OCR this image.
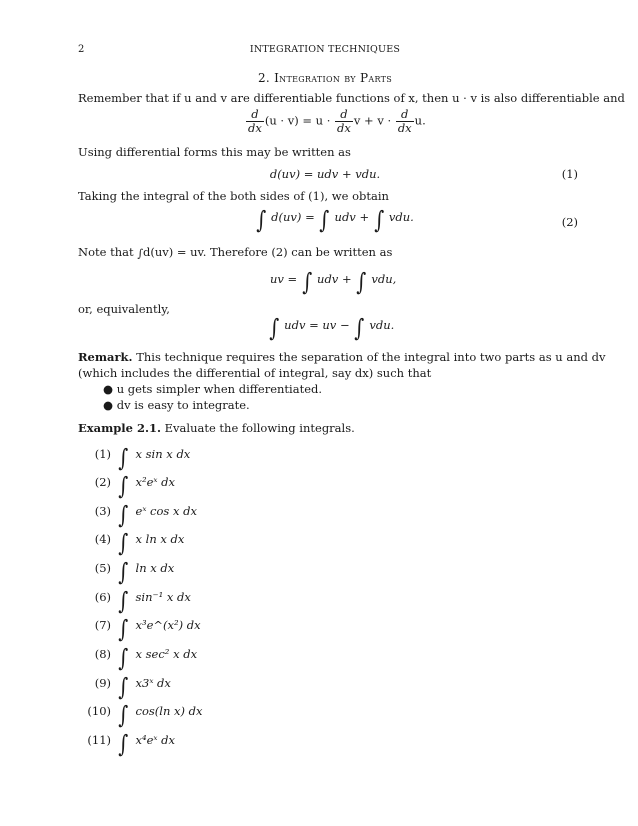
2	INTEGRATION TECHNIQUES
2. Integration by Parts
Remember that if u and v are differentiable functions of x, then u · v is also differentiable and
$\frac{d}{dx} (u \cdot v) = u \cdot \frac{d}{dx}$ $v + v \cdot \frac{d}{dx} u$.
Using differential forms this may be written as
d(uv) = udv + vdu.	(1)
Taking the integral of the both sides of (1), we obtain
∫ d(uv) = ∫ udv + ∫ vdu.	(2)
Note that ∫d(uv) = uv. Therefore (2) can be written as
uv = ∫ udv + ∫ vdu,
or, equivalently,
∫ udv = uv − ∫ vdu.
Remark. This technique requires the separation of the integral into two parts as u and dv
(which includes the differential of integral, say dx) such that
● u gets simpler when differentiated.
● dv is easy to integrate.
Example 2.1. Evaluate the following integrals.
(1) ∫ x sin x dx
(2) ∫ x²eˣ dx
(3) ∫ eˣ cos x dx
(4) ∫ x ln x dx
(5) ∫ ln x dx
(6) ∫ sin⁻¹ x dx
(7) ∫ x³e^(x²) dx
(8) ∫ x sec² x dx
(9) ∫ x3ˣ dx
(10) ∫ cos(ln x) dx
(11) ∫ x⁴eˣ dx
